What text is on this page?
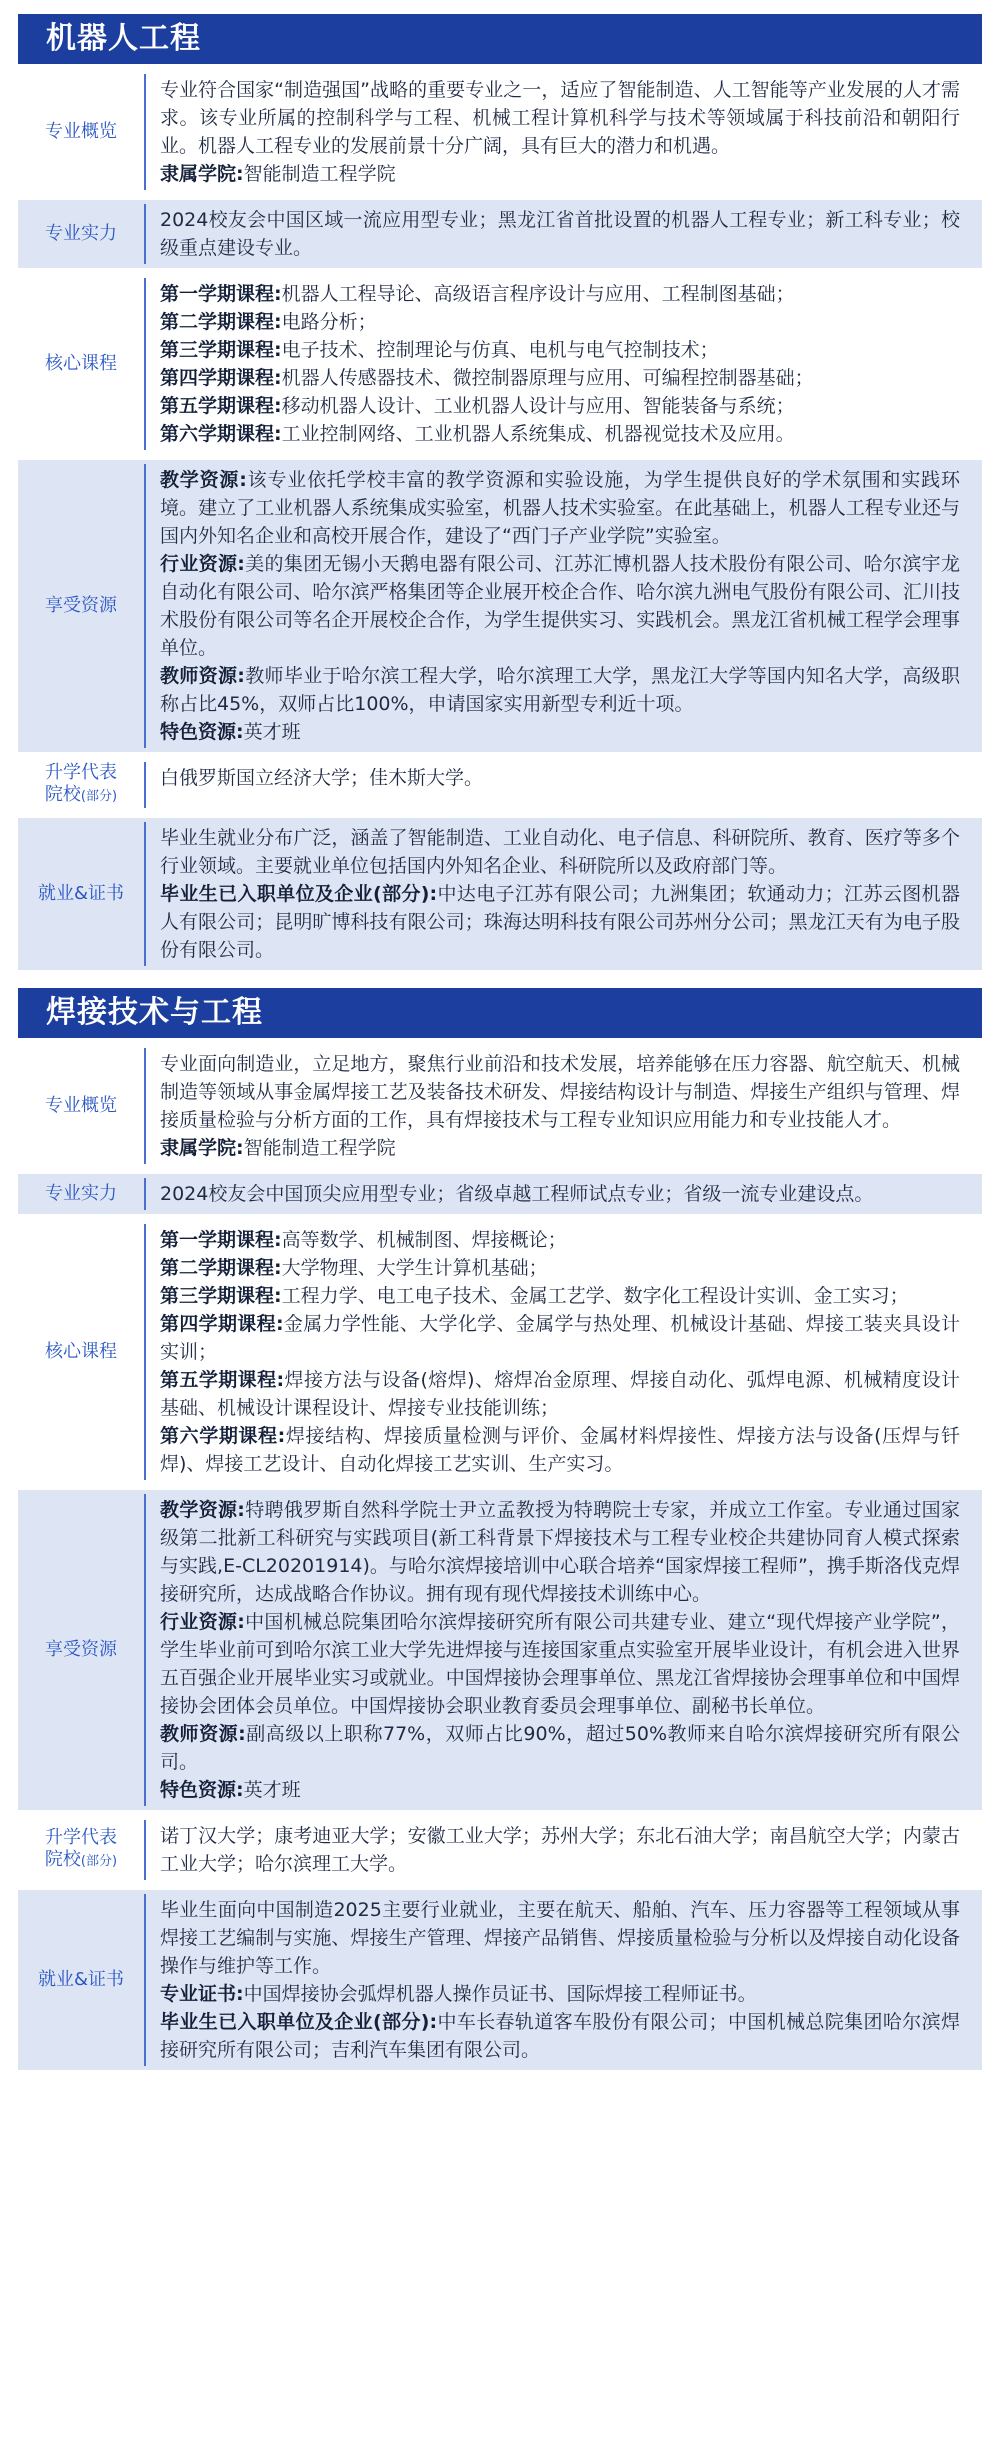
机器人工程
专业概览
专业符合国家“制造强国”战略的重要专业之一，适应了智能制造、人工智能等产业发展的人才需求。该专业所属的控制科学与工程、机械工程计算机科学与技术等领域属于科技前沿和朝阳行业。机器人工程专业的发展前景十分广阔，具有巨大的潜力和机遇。
隶属学院:智能制造工程学院
专业实力
2024校友会中国区域一流应用型专业；黑龙江省首批设置的机器人工程专业；新工科专业；校级重点建设专业。
核心课程
第一学期课程:机器人工程导论、高级语言程序设计与应用、工程制图基础；
第二学期课程:电路分析；
第三学期课程:电子技术、控制理论与仿真、电机与电气控制技术；
第四学期课程:机器人传感器技术、微控制器原理与应用、可编程控制器基础；
第五学期课程:移动机器人设计、工业机器人设计与应用、智能装备与系统；
第六学期课程:工业控制网络、工业机器人系统集成、机器视觉技术及应用。
享受资源
教学资源:该专业依托学校丰富的教学资源和实验设施，为学生提供良好的学术氛围和实践环境。建立了工业机器人系统集成实验室，机器人技术实验室。在此基础上，机器人工程专业还与国内外知名企业和高校开展合作，建设了“西门子产业学院”实验室。
行业资源:美的集团无锡小天鹅电器有限公司、江苏汇博机器人技术股份有限公司、哈尔滨宇龙自动化有限公司、哈尔滨严格集团等企业展开校企合作、哈尔滨九洲电气股份有限公司、汇川技术股份有限公司等名企开展校企合作，为学生提供实习、实践机会。黑龙江省机械工程学会理事单位。
教师资源:教师毕业于哈尔滨工程大学，哈尔滨理工大学，黑龙江大学等国内知名大学，高级职称占比45%，双师占比100%，申请国家实用新型专利近十项。
特色资源:英才班
升学代表
院校(部分)
白俄罗斯国立经济大学；佳木斯大学。
就业&证书
毕业生就业分布广泛，涵盖了智能制造、工业自动化、电子信息、科研院所、教育、医疗等多个行业领域。主要就业单位包括国内外知名企业、科研院所以及政府部门等。
毕业生已入职单位及企业(部分):中达电子江苏有限公司；九洲集团；软通动力；江苏云图机器人有限公司；昆明旷博科技有限公司；珠海达明科技有限公司苏州分公司；黑龙江天有为电子股份有限公司。
焊接技术与工程
专业概览
专业面向制造业，立足地方，聚焦行业前沿和技术发展，培养能够在压力容器、航空航天、机械制造等领域从事金属焊接工艺及装备技术研发、焊接结构设计与制造、焊接生产组织与管理、焊接质量检验与分析方面的工作，具有焊接技术与工程专业知识应用能力和专业技能人才。
隶属学院:智能制造工程学院
专业实力 2024校友会中国顶尖应用型专业；省级卓越工程师试点专业；省级一流专业建设点。
核心课程
第一学期课程:高等数学、机械制图、焊接概论；
第二学期课程:大学物理、大学生计算机基础；
第三学期课程:工程力学、电工电子技术、金属工艺学、数字化工程设计实训、金工实习；
第四学期课程:金属力学性能、大学化学、金属学与热处理、机械设计基础、焊接工装夹具设计实训；
第五学期课程:焊接方法与设备(熔焊)、熔焊冶金原理、焊接自动化、弧焊电源、机械精度设计基础、机械设计课程设计、焊接专业技能训练；
第六学期课程:焊接结构、焊接质量检测与评价、金属材料焊接性、焊接方法与设备(压焊与钎焊)、焊接工艺设计、自动化焊接工艺实训、生产实习。
享受资源
教学资源:特聘俄罗斯自然科学院士尹立孟教授为特聘院士专家，并成立工作室。专业通过国家级第二批新工科研究与实践项目(新工科背景下焊接技术与工程专业校企共建协同育人模式探索与实践,E-CL20201914)。与哈尔滨焊接培训中心联合培养“国家焊接工程师”，携手斯洛伐克焊接研究所，达成战略合作协议。拥有现有现代焊接技术训练中心。
行业资源:中国机械总院集团哈尔滨焊接研究所有限公司共建专业、建立“现代焊接产业学院”，学生毕业前可到哈尔滨工业大学先进焊接与连接国家重点实验室开展毕业设计，有机会进入世界五百强企业开展毕业实习或就业。中国焊接协会理事单位、黑龙江省焊接协会理事单位和中国焊接协会团体会员单位。中国焊接协会职业教育委员会理事单位、副秘书长单位。
教师资源:副高级以上职称77%，双师占比90%，超过50%教师来自哈尔滨焊接研究所有限公司。
特色资源:英才班
升学代表
院校(部分)
诺丁汉大学；康考迪亚大学；安徽工业大学；苏州大学；东北石油大学；南昌航空大学；内蒙古工业大学；哈尔滨理工大学。
就业&证书
毕业生面向中国制造2025主要行业就业，主要在航天、船舶、汽车、压力容器等工程领域从事焊接工艺编制与实施、焊接生产管理、焊接产品销售、焊接质量检验与分析以及焊接自动化设备操作与维护等工作。
专业证书:中国焊接协会弧焊机器人操作员证书、国际焊接工程师证书。
毕业生已入职单位及企业(部分):中车长春轨道客车股份有限公司；中国机械总院集团哈尔滨焊接研究所有限公司；吉利汽车集团有限公司。
